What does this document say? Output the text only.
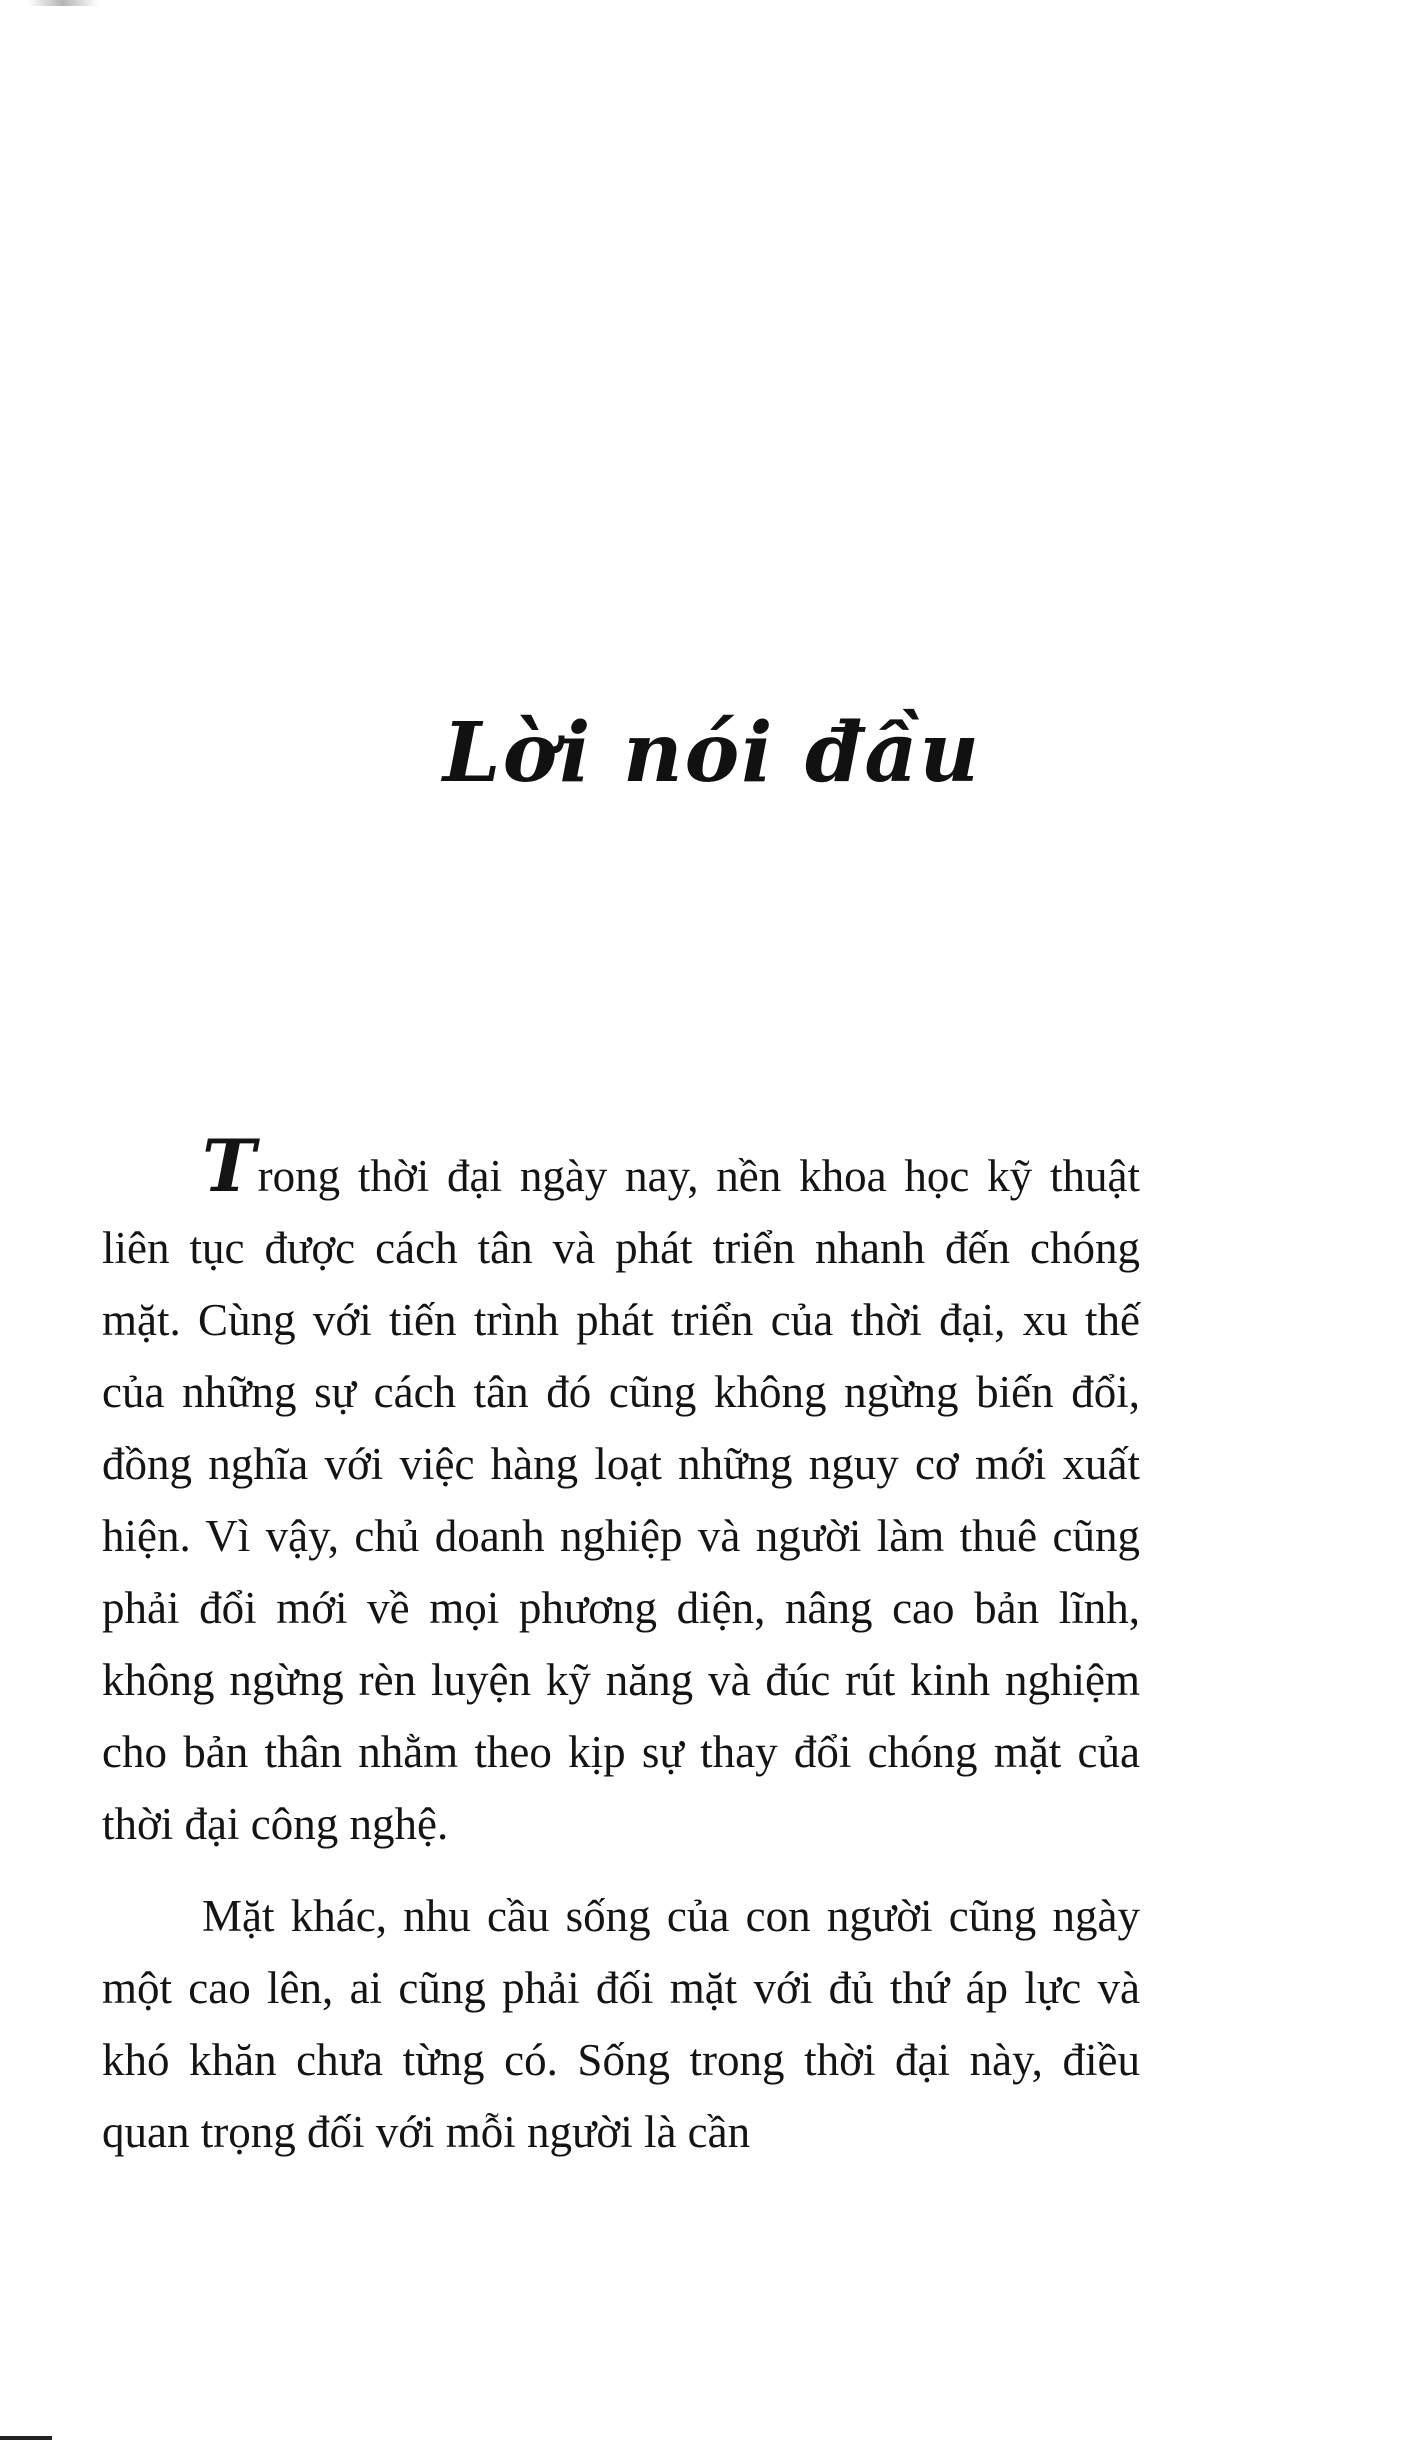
Lời nói đầu

Trong thời đại ngày nay, nền khoa học kỹ thuật liên tục được cách tân và phát triển nhanh đến chóng mặt. Cùng với tiến trình phát triển của thời đại, xu thế của những sự cách tân đó cũng không ngừng biến đổi, đồng nghĩa với việc hàng loạt những nguy cơ mới xuất hiện. Vì vậy, chủ doanh nghiệp và người làm thuê cũng phải đổi mới về mọi phương diện, nâng cao bản lĩnh, không ngừng rèn luyện kỹ năng và đúc rút kinh nghiệm cho bản thân nhằm theo kịp sự thay đổi chóng mặt của thời đại công nghệ.

Mặt khác, nhu cầu sống của con người cũng ngày một cao lên, ai cũng phải đối mặt với đủ thứ áp lực và khó khăn chưa từng có. Sống trong thời đại này, điều quan trọng đối với mỗi người là cần
